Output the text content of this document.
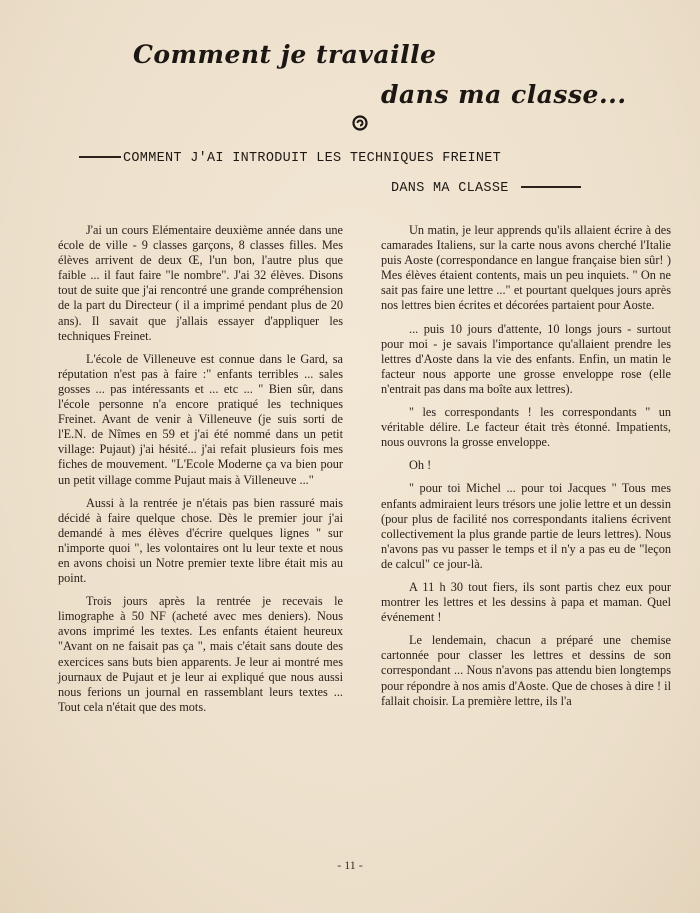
Comment je travaille
dans ma classe...
COMMENT J'AI INTRODUIT LES TECHNIQUES FREINET
DANS MA CLASSE

J'ai un cours Elémentaire deuxième année dans une école de ville - 9 classes garçons, 8 classes filles. Mes élèves arrivent de deux Œ, l'un bon, l'autre plus que faible ... il faut faire "le nombre". J'ai 32 élèves. Disons tout de suite que j'ai rencontré une grande compréhension de la part du Directeur ( il a imprimé pendant plus de 20 ans). Il savait que j'allais essayer d'appliquer les techniques Freinet.

L'école de Villeneuve est connue dans le Gard, sa réputation n'est pas à faire :" enfants terribles ... sales gosses ... pas intéressants et ... etc ... " Bien sûr, dans l'école personne n'a encore pratiqué les techniques Freinet. Avant de venir à Villeneuve (je suis sorti de l'E.N. de Nîmes en 59 et j'ai été nommé dans un petit village: Pujaut) j'ai hésité... j'ai refait plusieurs fois mes fiches de mouvement. "L'Ecole Moderne ça va bien pour un petit village comme Pujaut mais à Villeneuve ..."

Aussi à la rentrée je n'étais pas bien rassuré mais décidé à faire quelque chose. Dès le premier jour j'ai demandé à mes élèves d'écrire quelques lignes " sur n'importe quoi ", les volontaires ont lu leur texte et nous en avons choisi un Notre premier texte libre était mis au point.

Trois jours après la rentrée je recevais le limographe à 50 NF (acheté avec mes deniers). Nous avons imprimé les textes. Les enfants étaient heureux "Avant on ne faisait pas ça ", mais c'était sans doute des exercices sans buts bien apparents. Je leur ai montré mes journaux de Pujaut et je leur ai expliqué que nous aussi nous ferions un journal en rassemblant leurs textes ... Tout cela n'était que des mots.

Un matin, je leur apprends qu'ils allaient écrire à des camarades Italiens, sur la carte nous avons cherché l'Italie puis Aoste (correspondance en langue française bien sûr! ) Mes élèves étaient contents, mais un peu inquiets. " On ne sait pas faire une lettre ..." et pourtant quelques jours après nos lettres bien écrites et décorées partaient pour Aoste.

... puis 10 jours d'attente, 10 longs jours - surtout pour moi - je savais l'importance qu'allaient prendre les lettres d'Aoste dans la vie des enfants. Enfin, un matin le facteur nous apporte une grosse enveloppe rose (elle n'entrait pas dans ma boîte aux lettres).

" les correspondants ! les correspondants " un véritable délire. Le facteur était très étonné. Impatients, nous ouvrons la grosse enveloppe.

Oh !

" pour toi Michel ... pour toi Jacques " Tous mes enfants admiraient leurs trésors une jolie lettre et un dessin (pour plus de facilité nos correspondants italiens écrivent collectivement la plus grande partie de leurs lettres). Nous n'avons pas vu passer le temps et il n'y a pas eu de "leçon de calcul" ce jour-là.

A 11 h 30 tout fiers, ils sont partis chez eux pour montrer les lettres et les dessins à papa et maman. Quel événement !

Le lendemain, chacun a préparé une chemise cartonnée pour classer les lettres et dessins de son correspondant ... Nous n'avons pas attendu bien longtemps pour répondre à nos amis d'Aoste. Que de choses à dire ! il fallait choisir. La première lettre, ils l'a

- 11 -
